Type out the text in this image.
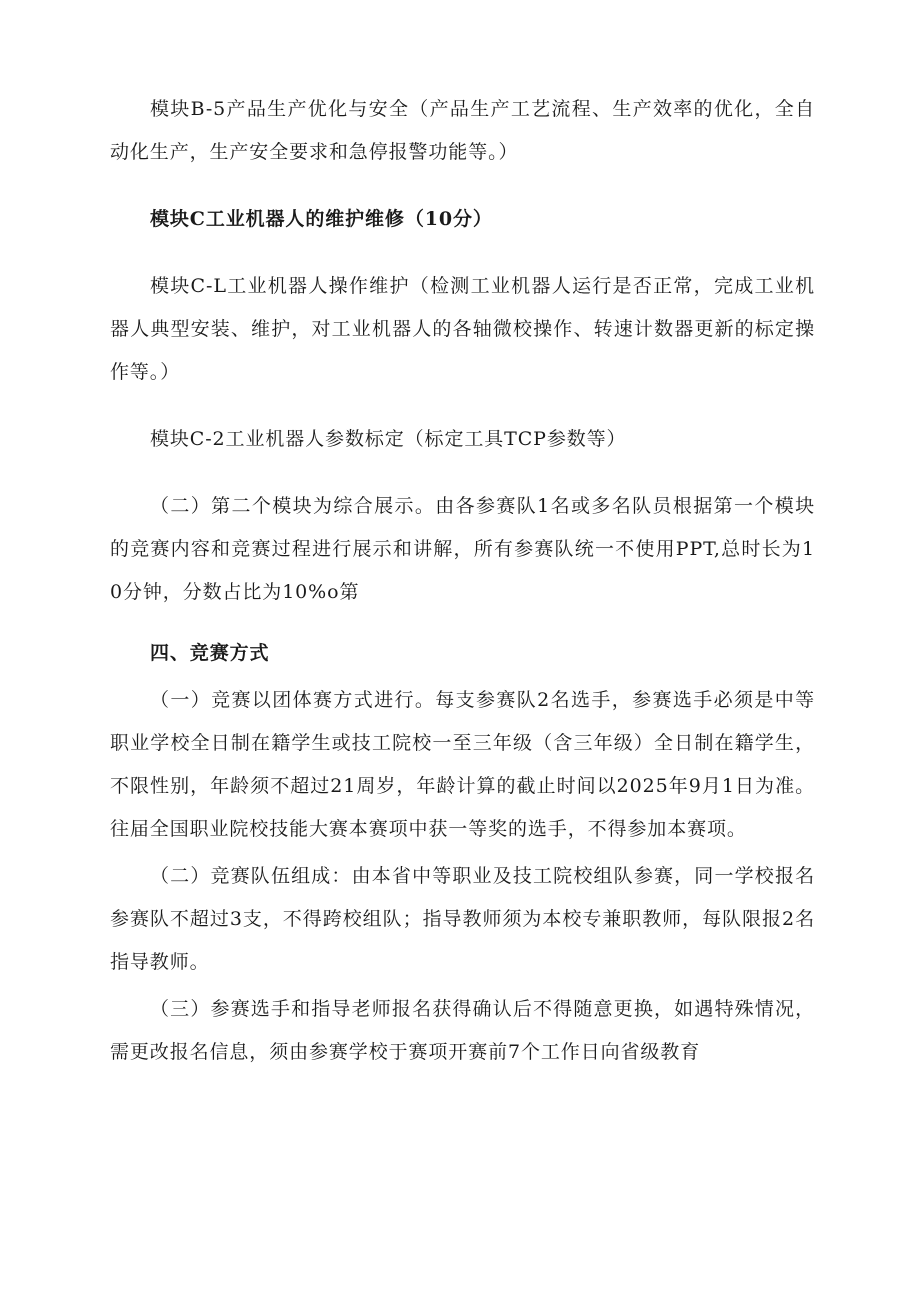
模块B-5产品生产优化与安全（产品生产工艺流程、生产效率的优化，全自动化生产，生产安全要求和急停报警功能等。）

模块C工业机器人的维护维修（10分）

模块C-L工业机器人操作维护（检测工业机器人运行是否正常，完成工业机器人典型安装、维护，对工业机器人的各轴微校操作、转速计数器更新的标定操作等。）

模块C-2工业机器人参数标定（标定工具TCP参数等）

（二）第二个模块为综合展示。由各参赛队1名或多名队员根据第一个模块的竞赛内容和竞赛过程进行展示和讲解，所有参赛队统一不使用PPT,总时长为10分钟，分数占比为10%o第

四、竞赛方式

（一）竞赛以团体赛方式进行。每支参赛队2名选手，参赛选手必须是中等职业学校全日制在籍学生或技工院校一至三年级（含三年级）全日制在籍学生，不限性别，年龄须不超过21周岁，年龄计算的截止时间以2025年9月1日为准。往届全国职业院校技能大赛本赛项中获一等奖的选手，不得参加本赛项。

（二）竞赛队伍组成：由本省中等职业及技工院校组队参赛，同一学校报名参赛队不超过3支，不得跨校组队；指导教师须为本校专兼职教师，每队限报2名指导教师。

（三）参赛选手和指导老师报名获得确认后不得随意更换，如遇特殊情况，需更改报名信息，须由参赛学校于赛项开赛前7个工作日向省级教育
